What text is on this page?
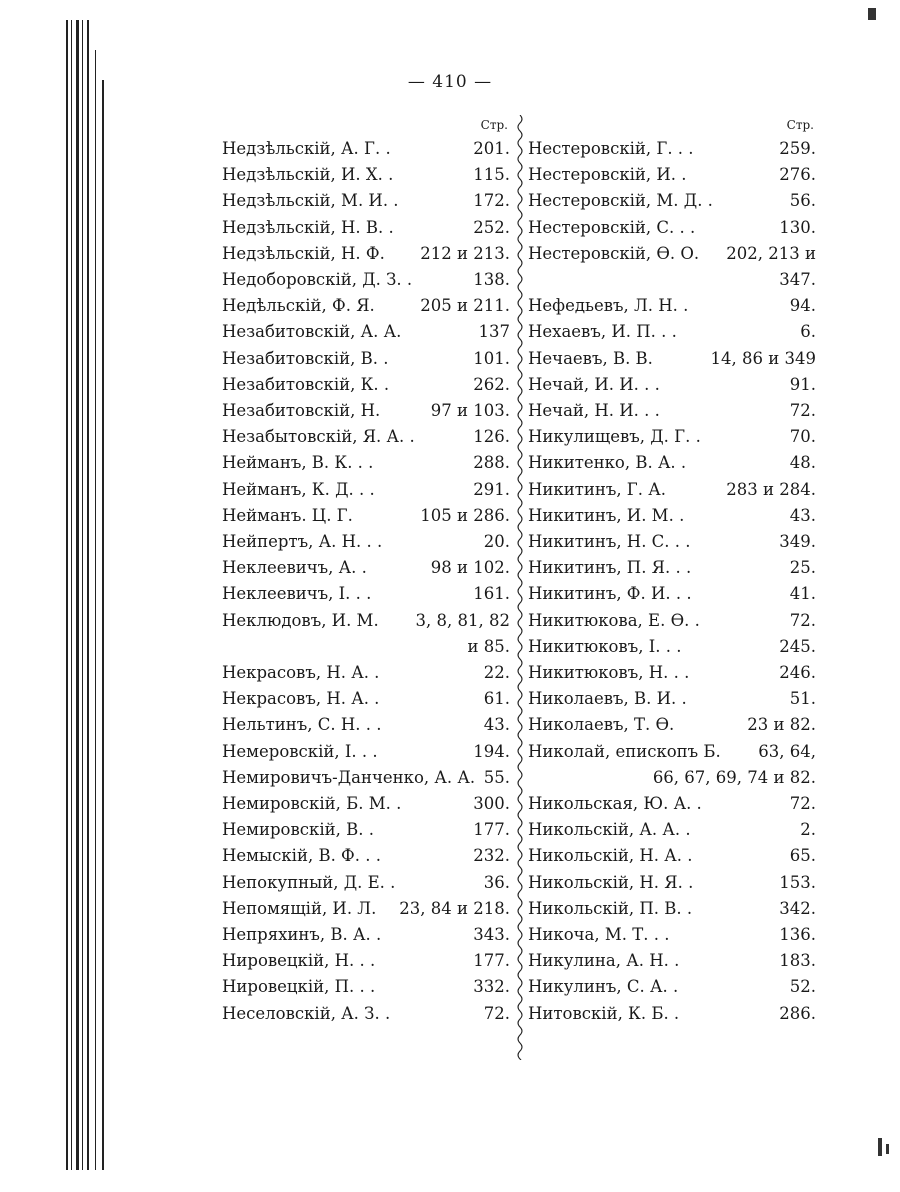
— 410 —
Стр.
Недзѣльскій, А. Г. .	201.
Недзѣльскій, И. Х. .	115.
Недзѣльскій, М. И. .	172.
Недзѣльскій, Н. В. .	252.
Недзѣльскій, Н. Ф. 212 и 213.
Недоборовскій, Д. З. .	138.
Недѣльскій, Ф. Я.	205 и 211.
Незабитовскій, А. А.	137
Незабитовскій, В. .	101.
Незабитовскій, К. .	262.
Незабитовскій, Н.	97 и 103.
Незабытовскій, Я. А. .	126.
Нейманъ, В. К. . .	288.
Нейманъ, К. Д. . .	291.
Нейманъ. Ц. Г.	105 и 286.
Нейпертъ, А. Н. . .	20.
Неклеевичъ, А. .	98 и 102.
Неклеевичъ, I. . .	161.
Неклюдовъ, И. М. 3, 8, 81, 82
и 85.
Некрасовъ, Н. А. .	22.
Некрасовъ, Н. А. .	61.
Нельтинъ, С. Н. . .	43.
Немеровскій, I. . .	194.
Немировичъ-Данченко, А. А. 55.
Немировскій, Б. М. .	300.
Немировскій, В. .	177.
Немыскій, В. Ф. . .	232.
Непокупный, Д. Е. .	36.
Непомящій, И. Л. 23, 84 и 218.
Непряхинъ, В. А. .	343.
Нировецкій, Н. . .	177.
Нировецкій, П. . .	332.
Неселовскій, А. З. .	72.
Стр.
Нестеровскій, Г. . .	259.
Нестеровскій, И. .	276.
Нестеровскій, М. Д. .	56.
Нестеровскій, С. . .	130.
Нестеровскій, Ѳ. О. 202, 213 и
347.
Нефедьевъ, Л. Н. .	94.
Нехаевъ, И. П. . .	6.
Нечаевъ, В. В.	14, 86 и 349
Нечай, И. И. . .	91.
Нечай, Н. И. . .	72.
Никулищевъ, Д. Г. .	70.
Никитенко, В. А. .	48.
Никитинъ, Г. А.	283 и 284.
Никитинъ, И. М. .	43.
Никитинъ, Н. С. . .	349.
Никитинъ, П. Я. . .	25.
Никитинъ, Ф. И. . .	41.
Никитюкова, Е. Ѳ. .	72.
Никитюковъ, I. . .	245.
Никитюковъ, Н. . .	246.
Николаевъ, В. И. .	51.
Николаевъ, Т. Ѳ.	23 и 82.
Николай, епископъ Б. 63, 64,
66, 67, 69, 74 и 82.
Никольская, Ю. А. .	72.
Никольскій, А. А. .	2.
Никольскій, Н. А. .	65.
Никольскій, Н. Я. .	153.
Никольскій, П. В. .	342.
Никоча, М. Т. . .	136.
Никулина, А. Н. .	183.
Никулинъ, С. А. .	52.
Нитовскій, К. Б. .	286.
